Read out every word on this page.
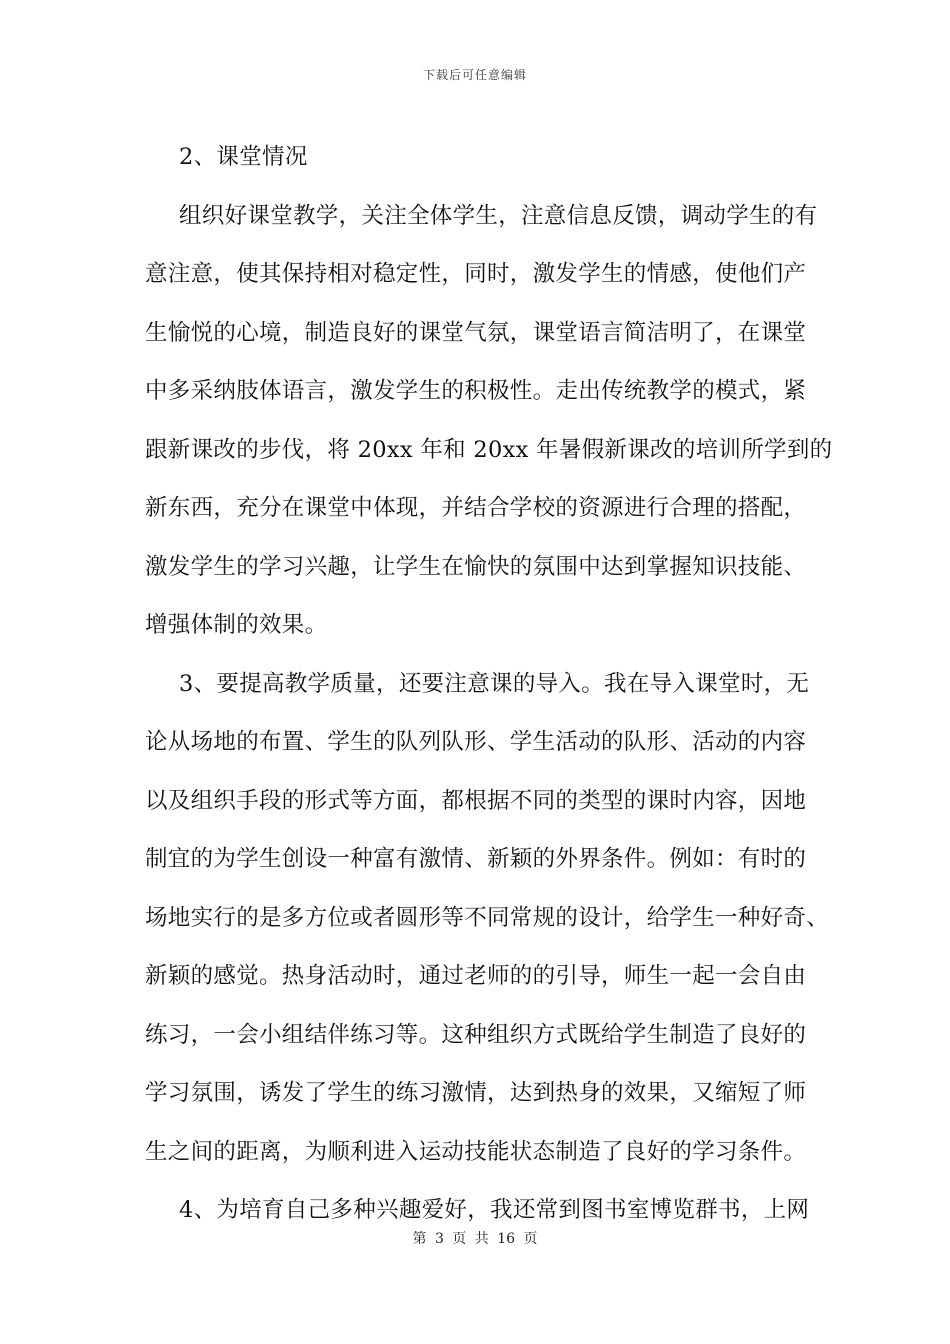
下载后可任意编辑
2、课堂情况
组织好课堂教学，关注全体学生，注意信息反馈，调动学生的有
意注意，使其保持相对稳定性，同时，激发学生的情感，使他们产
生愉悦的心境，制造良好的课堂气氛，课堂语言简洁明了，在课堂
中多采纳肢体语言，激发学生的积极性。走出传统教学的模式，紧
跟新课改的步伐，将 20xx 年和 20xx 年暑假新课改的培训所学到的
新东西，充分在课堂中体现，并结合学校的资源进行合理的搭配，
激发学生的学习兴趣，让学生在愉快的氛围中达到掌握知识技能、
增强体制的效果。
3、要提高教学质量，还要注意课的导入。我在导入课堂时，无
论从场地的布置、学生的队列队形、学生活动的队形、活动的内容
以及组织手段的形式等方面，都根据不同的类型的课时内容，因地
制宜的为学生创设一种富有激情、新颖的外界条件。例如：有时的
场地实行的是多方位或者圆形等不同常规的设计，给学生一种好奇、
新颖的感觉。热身活动时，通过老师的的引导，师生一起一会自由
练习，一会小组结伴练习等。这种组织方式既给学生制造了良好的
学习氛围，诱发了学生的练习激情，达到热身的效果，又缩短了师
生之间的距离，为顺利进入运动技能状态制造了良好的学习条件。
4、为培育自己多种兴趣爱好，我还常到图书室博览群书，上网
第 3 页 共 16 页
